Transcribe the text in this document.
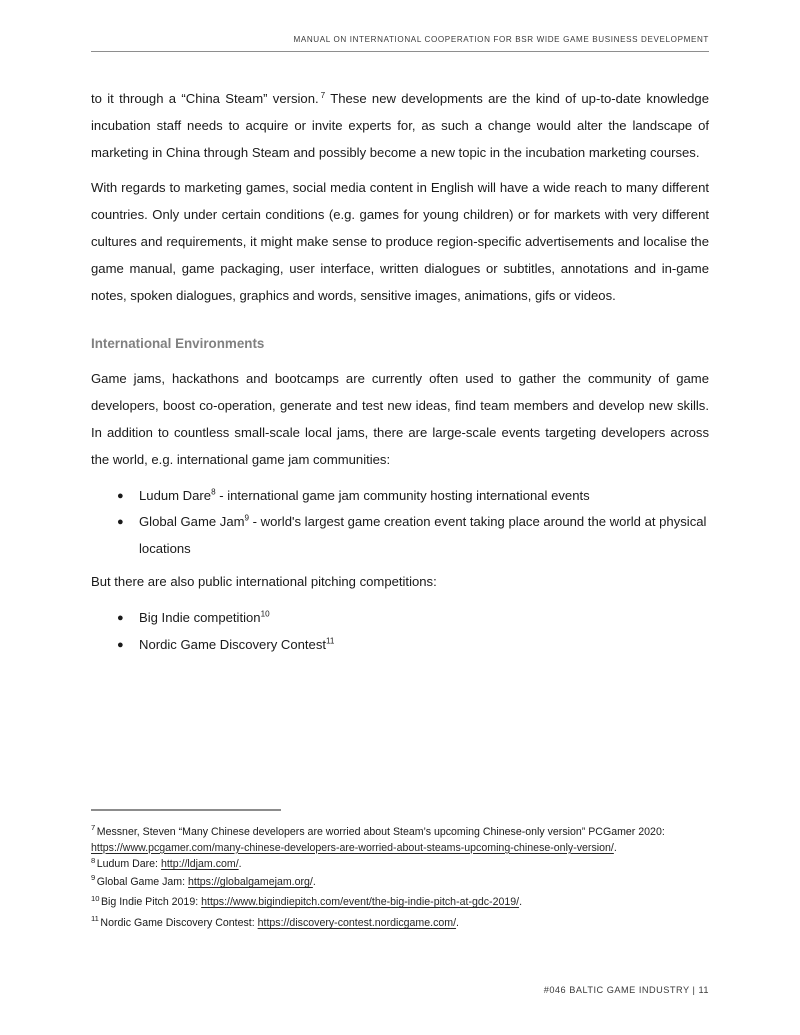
MANUAL ON INTERNATIONAL COOPERATION FOR BSR WIDE GAME BUSINESS DEVELOPMENT

to it through a “China Steam” version. $^7$ These new developments are the kind of up-to-date knowledge incubation staff needs to acquire or invite experts for, as such a change would alter the landscape of marketing in China through Steam and possibly become a new topic in the incubation marketing courses.

With regards to marketing games, social media content in English will have a wide reach to many different countries. Only under certain conditions (e.g. games for young children) or for markets with very different cultures and requirements, it might make sense to produce region-specific advertisements and localise the game manual, game packaging, user interface, written dialogues or subtitles, annotations and in-game notes, spoken dialogues, graphics and words, sensitive images, animations, gifs or videos.

International Environments

Game jams, hackathons and bootcamps are currently often used to gather the community of game developers, boost co-operation, generate and test new ideas, find team members and develop new skills. In addition to countless small-scale local jams, there are large-scale events targeting developers across the world, e.g. international game jam communities:

● Ludum Dare$^8$ - international game jam community hosting international events
● Global Game Jam$^9$ - world's largest game creation event taking place around the world at physical locations

But there are also public international pitching competitions:

● Big Indie competition$^{10}$
● Nordic Game Discovery Contest$^{11}$
$^7$ Messner, Steven “Many Chinese developers are worried about Steam’s upcoming Chinese-only version” PCGamer 2020: https://www.pcgamer.com/many-chinese-developers-are-worried-about-steams-upcoming-chinese-only-version/.
$^8$ Ludum Dare: http://ldjam.com/.
$^9$ Global Game Jam: https://globalgamejam.org/.
$^{10}$ Big Indie Pitch 2019: https://www.bigindiepitch.com/event/the-big-indie-pitch-at-gdc-2019/.
$^{11}$ Nordic Game Discovery Contest: https://discovery-contest.nordicgame.com/.
#046 BALTIC GAME INDUSTRY | 11
